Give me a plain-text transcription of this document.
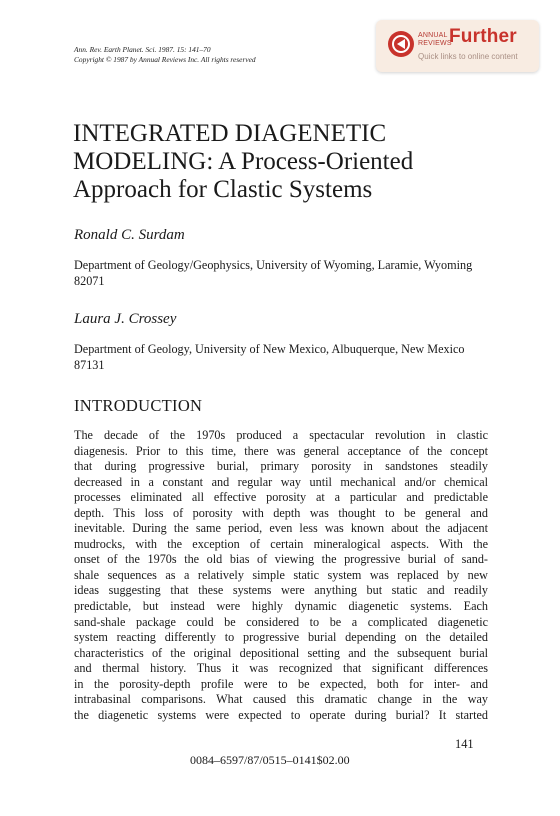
Ann. Rev. Earth Planet. Sci. 1987. 15: 141–70
Copyright © 1987 by Annual Reviews Inc. All rights reserved
ANNUAL
REVIEWS
Further
Quick links to online content
INTEGRATED DIAGENETIC
MODELING: A Process-Oriented
Approach for Clastic Systems
Ronald C. Surdam
Department of Geology/Geophysics, University of Wyoming, Laramie, Wyoming 82071
Laura J. Crossey
Department of Geology, University of New Mexico, Albuquerque, New Mexico 87131
INTRODUCTION
The decade of the 1970s produced a spectacular revolution in clastic
diagenesis. Prior to this time, there was general acceptance of the concept
that during progressive burial, primary porosity in sandstones steadily
decreased in a constant and regular way until mechanical and/or chemical
processes eliminated all effective porosity at a particular and predictable
depth. This loss of porosity with depth was thought to be general and
inevitable. During the same period, even less was known about the adjacent
mudrocks, with the exception of certain mineralogical aspects. With the
onset of the 1970s the old bias of viewing the progressive burial of sand-
shale sequences as a relatively simple static system was replaced by new
ideas suggesting that these systems were anything but static and readily
predictable, but instead were highly dynamic diagenetic systems. Each
sand-shale package could be considered to be a complicated diagenetic
system reacting differently to progressive burial depending on the detailed
characteristics of the original depositional setting and the subsequent burial
and thermal history. Thus it was recognized that significant differences
in the porosity-depth profile were to be expected, both for inter- and
intrabasinal comparisons. What caused this dramatic change in the way
the diagenetic systems were expected to operate during burial? It started
141
0084–6597/87/0515–0141$02.00
